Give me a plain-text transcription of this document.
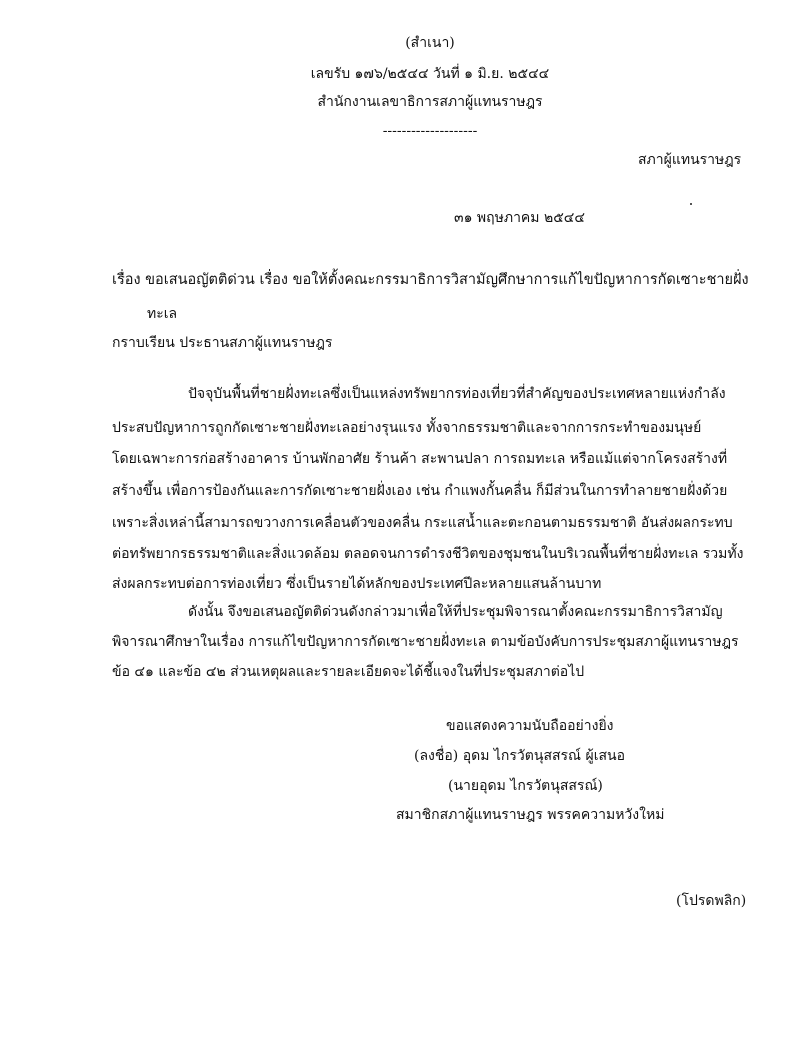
(สำเนา)
เลขรับ ๑๗๖/๒๕๔๔ วันที่ ๑ มิ.ย. ๒๕๔๔
สำนักงานเลขาธิการสภาผู้แทนราษฎร
--------------------
สภาผู้แทนราษฎร
๓๑ พฤษภาคม ๒๕๔๔
เรื่อง ขอเสนอญัตติด่วน เรื่อง ขอให้ตั้งคณะกรรมาธิการวิสามัญศึกษาการแก้ไขปัญหาการกัดเซาะชายฝั่ง
ทะเล
กราบเรียน ประธานสภาผู้แทนราษฎร
ปัจจุบันพื้นที่ชายฝั่งทะเลซึ่งเป็นแหล่งทรัพยากรท่องเที่ยวที่สำคัญของประเทศหลายแห่งกำลัง
ประสบปัญหาการถูกกัดเซาะชายฝั่งทะเลอย่างรุนแรง ทั้งจากธรรมชาติและจากการกระทำของมนุษย์
โดยเฉพาะการก่อสร้างอาคาร บ้านพักอาศัย ร้านค้า สะพานปลา การถมทะเล หรือแม้แต่จากโครงสร้างที่
สร้างขึ้น เพื่อการป้องกันและการกัดเซาะชายฝั่งเอง เช่น กำแพงกั้นคลื่น ก็มีส่วนในการทำลายชายฝั่งด้วย
เพราะสิ่งเหล่านี้สามารถขวางการเคลื่อนตัวของคลื่น กระแสน้ำและตะกอนตามธรรมชาติ อันส่งผลกระทบ
ต่อทรัพยากรธรรมชาติและสิ่งแวดล้อม ตลอดจนการดำรงชีวิตของชุมชนในบริเวณพื้นที่ชายฝั่งทะเล รวมทั้ง
ส่งผลกระทบต่อการท่องเที่ยว ซึ่งเป็นรายได้หลักของประเทศปีละหลายแสนล้านบาท
ดังนั้น จึงขอเสนอญัตติด่วนดังกล่าวมาเพื่อให้ที่ประชุมพิจารณาตั้งคณะกรรมาธิการวิสามัญ
พิจารณาศึกษาในเรื่อง การแก้ไขปัญหาการกัดเซาะชายฝั่งทะเล ตามข้อบังคับการประชุมสภาผู้แทนราษฎร
ข้อ ๔๑ และข้อ ๔๒ ส่วนเหตุผลและรายละเอียดจะได้ชี้แจงในที่ประชุมสภาต่อไป
ขอแสดงความนับถืออย่างยิ่ง
(ลงชื่อ) อุดม ไกรวัตนุสสรณ์ ผู้เสนอ
(นายอุดม ไกรวัตนุสสรณ์)
สมาชิกสภาผู้แทนราษฎร พรรคความหวังใหม่
(โปรดพลิก)
